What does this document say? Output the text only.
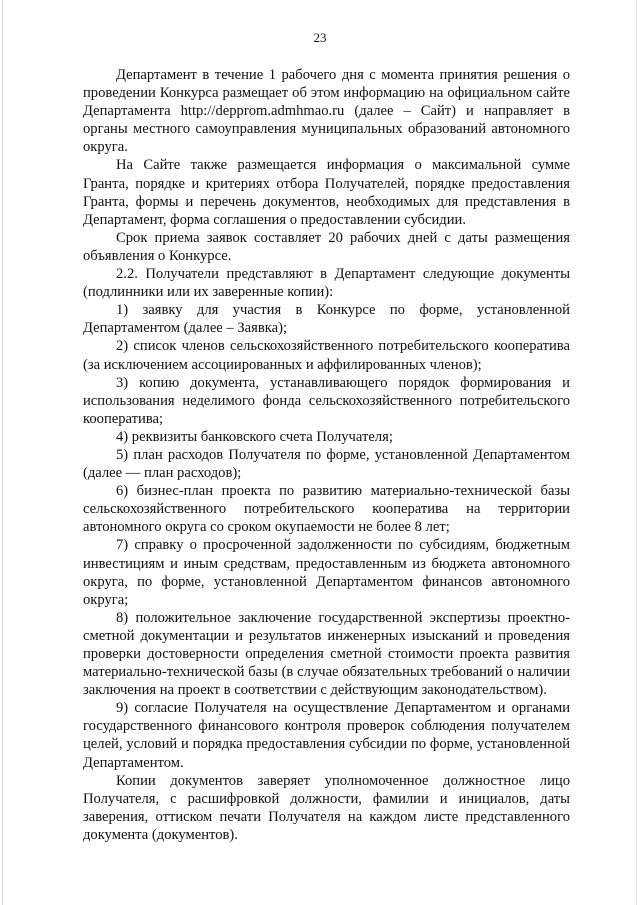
23

Департамент в течение 1 рабочего дня с момента принятия решения о проведении Конкурса размещает об этом информацию на официальном сайте Департамента http://depprom.admhmao.ru (далее – Сайт) и направляет в органы местного самоуправления муниципальных образований автономного округа.

На Сайте также размещается информация о максимальной сумме Гранта, порядке и критериях отбора Получателей, порядке предоставления Гранта, формы и перечень документов, необходимых для представления в Департамент, форма соглашения о предоставлении субсидии.

Срок приема заявок составляет 20 рабочих дней с даты размещения объявления о Конкурсе.

2.2. Получатели представляют в Департамент следующие документы (подлинники или их заверенные копии):

1) заявку для участия в Конкурсе по форме, установленной Департаментом (далее – Заявка);

2) список членов сельскохозяйственного потребительского кооператива (за исключением ассоциированных и аффилированных членов);

3) копию документа, устанавливающего порядок формирования и использования неделимого фонда сельскохозяйственного потребительского кооператива;

4) реквизиты банковского счета Получателя;

5) план расходов Получателя по форме, установленной Департаментом (далее — план расходов);

6) бизнес-план проекта по развитию материально-технической базы сельскохозяйственного потребительского кооператива на территории автономного округа со сроком окупаемости не более 8 лет;

7) справку о просроченной задолженности по субсидиям, бюджетным инвестициям и иным средствам, предоставленным из бюджета автономного округа, по форме, установленной Департаментом финансов автономного округа;

8) положительное заключение государственной экспертизы проектно-сметной документации и результатов инженерных изысканий и проведения проверки достоверности определения сметной стоимости проекта развития материально-технической базы (в случае обязательных требований о наличии заключения на проект в соответствии с действующим законодательством).

9) согласие Получателя на осуществление Департаментом и органами государственного финансового контроля проверок соблюдения получателем целей, условий и порядка предоставления субсидии по форме, установленной Департаментом.

Копии документов заверяет уполномоченное должностное лицо Получателя, с расшифровкой должности, фамилии и инициалов, даты заверения, оттиском печати Получателя на каждом листе представленного документа (документов).
